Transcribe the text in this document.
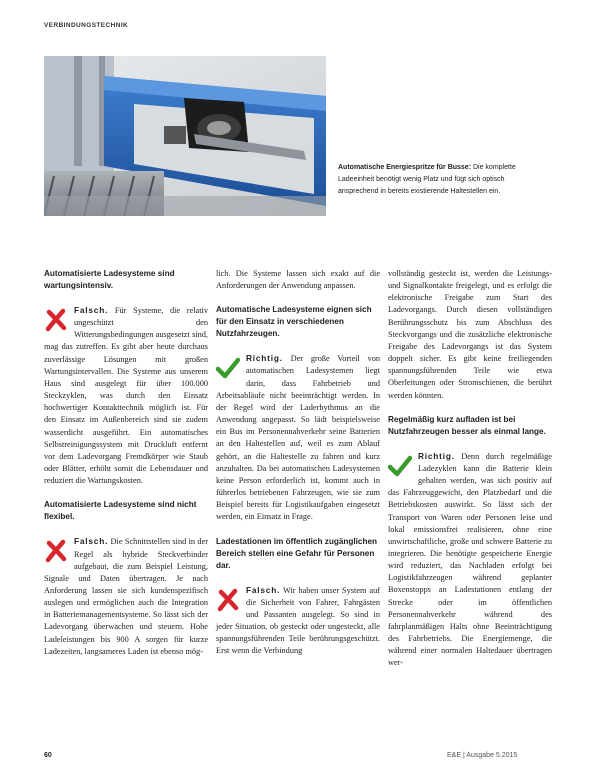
VERBINDUNGSTECHNIK
Automatische Energiespritze für Busse: Die komplette Ladeeinheit benötigt wenig Platz und fügt sich optisch ansprechend in bereits existierende Haltestellen ein.
Automatisierte Ladesysteme sind wartungsintensiv.
Falsch. Für Systeme, die relativ ungeschützt den Witterungsbedingungen ausgesetzt sind, mag das zutreffen. Es gibt aber heute durchaus zuverlässige Lösungen mit großen Wartungsintervallen. Die Systeme aus unserem Haus sind ausgelegt für über 100.000 Steckzyklen, was durch den Einsatz hochwertiger Kontakttechnik möglich ist. Für den Einsatz im Außenbereich sind sie zudem wasserdicht ausgeführt. Ein automatisches Selbstreinigungssystem mit Druckluft entfernt vor dem Ladevorgang Fremdkörper wie Staub oder Blätter, erhöht somit die Lebensdauer und reduziert die Wartungskosten.
Automatisierte Ladesysteme sind nicht flexibel.
Falsch. Die Schnittstellen sind in der Regel als hybride Steckverbinder aufgebaut, die zum Beispiel Leistung, Signale und Daten übertragen. Je nach Anforderung lassen sie sich kundenspezifisch auslegen und ermöglichen auch die Integration in Batteriemanagementsysteme. So lässt sich der Ladevorgang überwachen und steuern. Hohe Ladeleistungen bis 900 A sorgen für kurze Ladezeiten, langsameres Laden ist ebenso mög-

lich. Die Systeme lassen sich exakt auf die Anforderungen der Anwendung anpassen.

Automatische Ladesysteme eignen sich für den Einsatz in verschiedenen Nutzfahrzeugen.
Richtig. Der große Vorteil von automatischen Ladesystemen liegt darin, dass Fahrbetrieb und Arbeitsabläufe nicht beeinträchtigt werden. In der Regel wird der Laderhythmus an die Anwendung angepasst. So lädt beispielsweise ein Bus im Personennahverkehr seine Batterien an den Haltestellen auf, weil es zum Ablauf gehört, an die Haltestelle zu fahren und kurz anzuhalten. Da bei automatischen Ladesystemen keine Person erforderlich ist, kommt auch in führerlos betriebenen Fahrzeugen, wie sie zum Beispiel bereits für Logistikaufgaben eingesetzt werden, ein Einsatz in Frage.
Ladestationen im öffentlich zugänglichen Bereich stellen eine Gefahr für Personen dar.
Falsch. Wir haben unser System auf die Sicherheit von Fahrer, Fahrgästen und Passanten ausgelegt. So sind in jeder Situation, ob gesteckt oder ungesteckt, alle spannungsführenden Teile berührungsgeschützt. Erst wenn die Verbindung

vollständig gesteckt ist, werden die Leistungs- und Signalkontakte freigelegt, und es erfolgt die elektronische Freigabe zum Start des Ladevorgangs. Durch diesen vollständigen Berührungsschutz bis zum Abschluss des Steckvorgangs und die zusätzliche elektronische Freigabe des Ladevorgangs ist das System doppelt sicher. Es gibt keine freiliegenden spannungsführenden Teile wie etwa Oberleitungen oder Stromschienen, die berührt werden könnten.

Regelmäßig kurz aufladen ist bei Nutzfahrzeugen besser als einmal lange.
Richtig. Denn durch regelmäßige Ladezyklen kann die Batterie klein gehalten werden, was sich positiv auf das Fahrzeuggewicht, den Platzbedarf und die Betriebskosten auswirkt. So lässt sich der Transport von Waren oder Personen leise und lokal emissionsfrei realisieren, ohne eine unwirtschaftliche, große und schwere Batterie zu integrieren. Die benötigte gespeicherte Energie wird reduziert, das Nachladen erfolgt bei Logistikfahrzeugen während geplanter Boxenstopps an Ladestationen entlang der Strecke oder im öffentlichen Personennahverkehr während des fahrplanmäßigen Halts ohne Beeinträchtigung des Fahrbetriebs. Die Energiemenge, die während einer normalen Haltedauer übertragen wer-
60	E&E | Ausgabe 5.2015
